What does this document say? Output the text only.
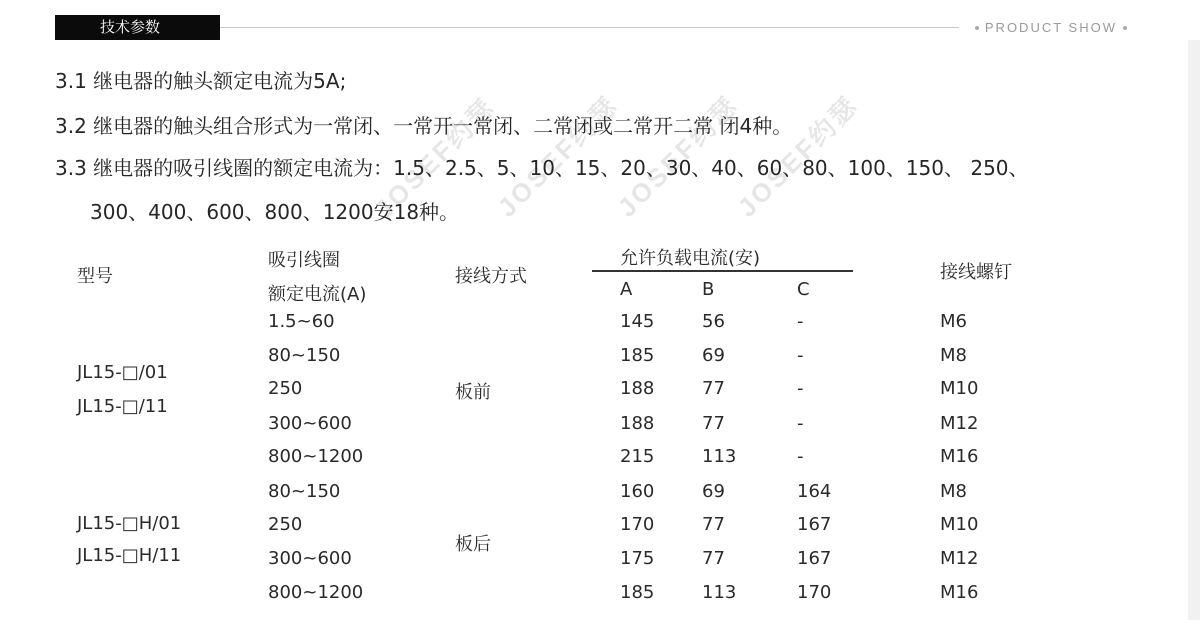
技术参数	PRODUCT SHOW
JOSEF约瑟
JOSEF约瑟
JOSEF约瑟
JOSEF约瑟
3.1 继电器的触头额定电流为5A;
3.2 继电器的触头组合形式为一常闭、一常开一常闭、二常闭或二常开二常 闭4种。
3.3 继电器的吸引线圈的额定电流为：1.5、2.5、5、10、15、20、30、40、60、80、100、150、 250、
300、400、600、800、1200安18种。
型号
吸引线圈
额定电流(A)
接线方式
允许负载电流(安)
A	B	C
接线螺钉
JL15-□/01
JL15-□/11
板前
1.5~60	145	56	-	M6
80~150	185	69	-	M8
250	188	77	-	M10
300~600	188	77	-	M12
800~1200	215	113	-	M16
JL15-□H/01
JL15-□H/11
板后
80~150	160	69	164	M8
250	170	77	167	M10
300~600	175	77	167	M12
800~1200	185	113	170	M16
